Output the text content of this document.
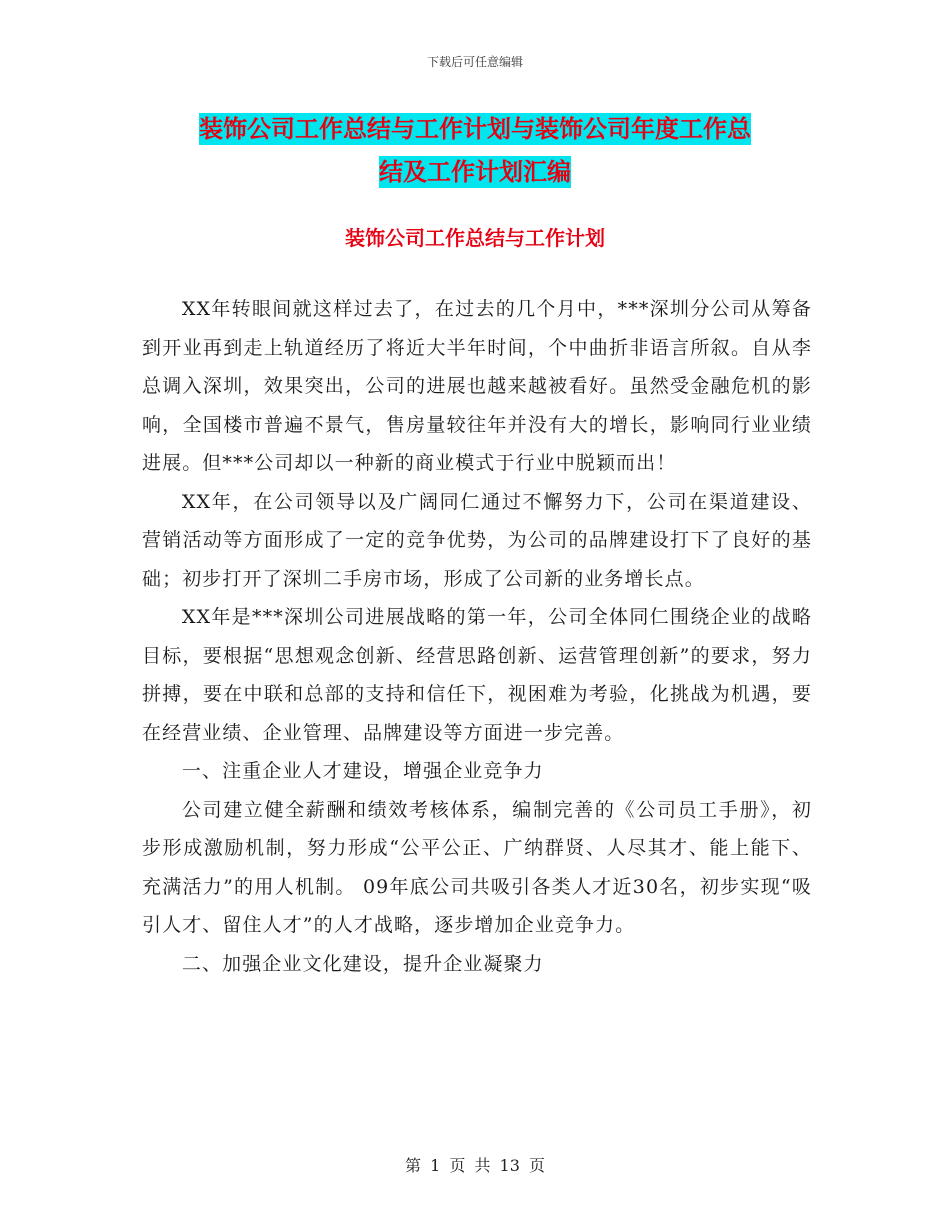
下载后可任意编辑
装饰公司工作总结与工作计划与装饰公司年度工作总
结及工作计划汇编
装饰公司工作总结与工作计划

XX年转眼间就这样过去了，在过去的几个月中，***深圳分公司从筹备到开业再到走上轨道经历了将近大半年时间，个中曲折非语言所叙。自从李总调入深圳，效果突出，公司的进展也越来越被看好。虽然受金融危机的影响，全国楼市普遍不景气，售房量较往年并没有大的增长，影响同行业业绩进展。但***公司却以一种新的商业模式于行业中脱颖而出！

XX年，在公司领导以及广阔同仁通过不懈努力下，公司在渠道建设、营销活动等方面形成了一定的竞争优势，为公司的品牌建设打下了良好的基础；初步打开了深圳二手房市场，形成了公司新的业务增长点。

XX年是***深圳公司进展战略的第一年，公司全体同仁围绕企业的战略目标，要根据“思想观念创新、经营思路创新、运营管理创新”的要求，努力拼搏，要在中联和总部的支持和信任下，视困难为考验，化挑战为机遇，要在经营业绩、企业管理、品牌建设等方面进一步完善。

一、注重企业人才建设，增强企业竞争力

公司建立健全薪酬和绩效考核体系，编制完善的《公司员工手册》，初步形成激励机制，努力形成“公平公正、广纳群贤、人尽其才、能上能下、充满活力”的用人机制。 09年底公司共吸引各类人才近30名，初步实现“吸引人才、留住人才”的人才战略，逐步增加企业竞争力。

二、加强企业文化建设，提升企业凝聚力

第 1 页 共 13 页
